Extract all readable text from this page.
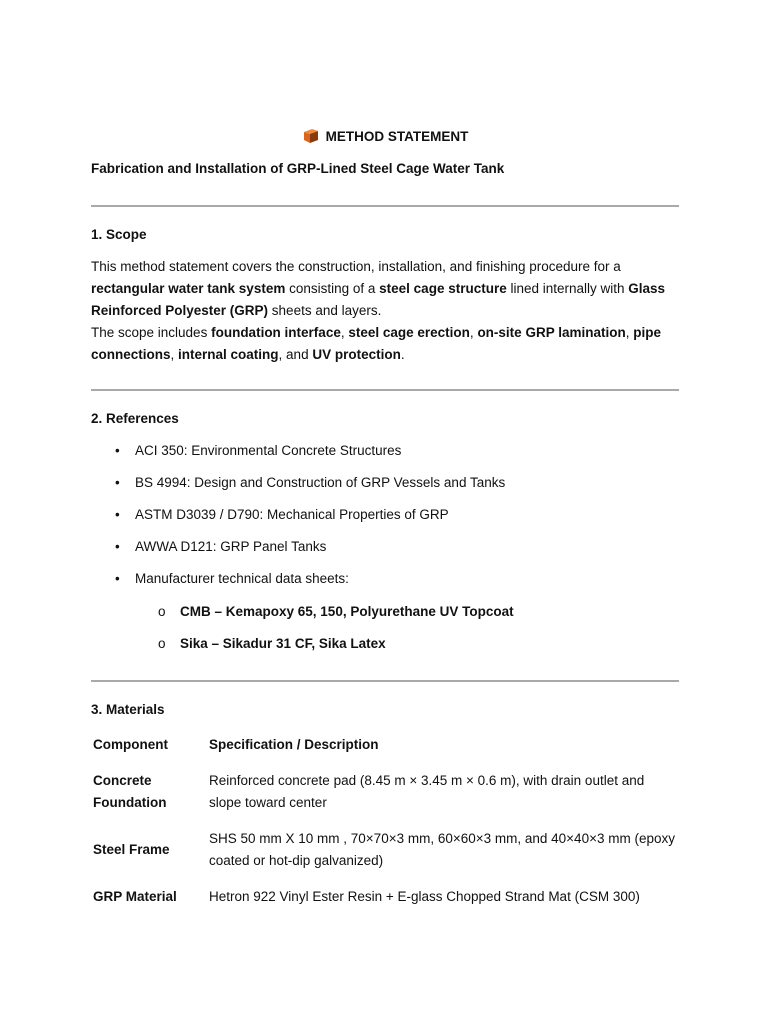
METHOD STATEMENT
Fabrication and Installation of GRP-Lined Steel Cage Water Tank
1. Scope
This method statement covers the construction, installation, and finishing procedure for a rectangular water tank system consisting of a steel cage structure lined internally with Glass Reinforced Polyester (GRP) sheets and layers.
The scope includes foundation interface, steel cage erection, on-site GRP lamination, pipe connections, internal coating, and UV protection.
2. References
• ACI 350: Environmental Concrete Structures
• BS 4994: Design and Construction of GRP Vessels and Tanks
• ASTM D3039 / D790: Mechanical Properties of GRP
• AWWA D121: GRP Panel Tanks
• Manufacturer technical data sheets:
o CMB – Kemapoxy 65, 150, Polyurethane UV Topcoat
o Sika – Sikadur 31 CF, Sika Latex
3. Materials
Component	Specification / Description
Concrete Foundation	Reinforced concrete pad (8.45 m × 3.45 m × 0.6 m), with drain outlet and slope toward center
Steel Frame	SHS 50 mm X 10 mm , 70×70×3 mm, 60×60×3 mm, and 40×40×3 mm (epoxy coated or hot-dip galvanized)
GRP Material	Hetron 922 Vinyl Ester Resin + E-glass Chopped Strand Mat (CSM 300)
